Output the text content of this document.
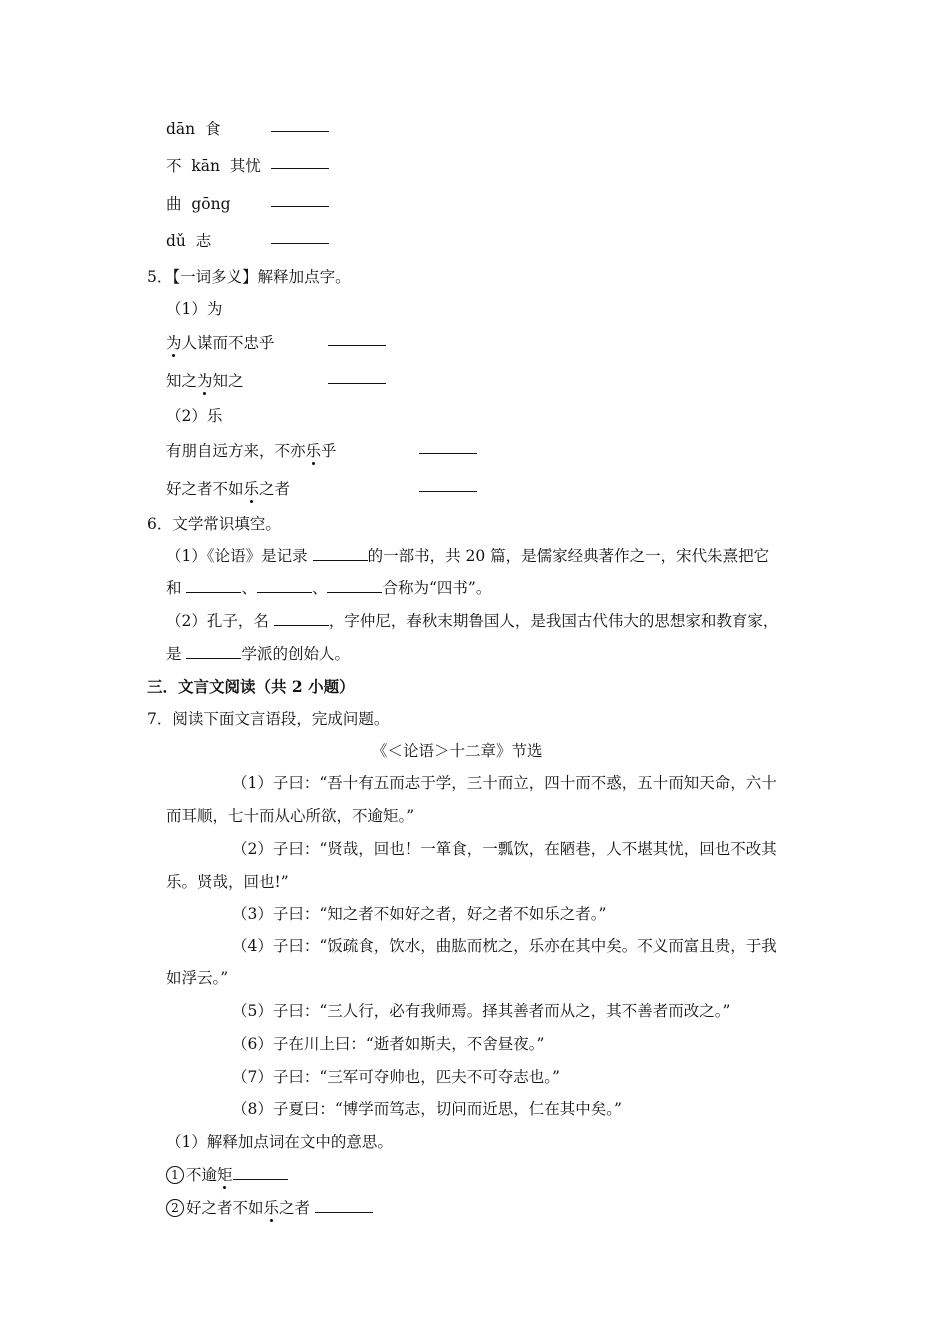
dān 食
不 kān 其忧
曲 gōng
dǔ 志
5．【一词多义】解释加点字。
（1）为
为人谋而不忠乎
知之为知之
（2）乐
有朋自远方来，不亦乐乎
好之者不如乐之者
6．文学常识填空。
（1）《论语》是记录	的一部书，共 20 篇，是儒家经典著作之一，宋代朱熹把它
和	、	、	合称为“四书”。
（2）孔子，名	，字仲尼，春秋末期鲁国人，是我国古代伟大的思想家和教育家，
是	学派的创始人。
三．文言文阅读（共 2 小题）
7．阅读下面文言语段，完成问题。
《＜论语＞十二章》节选
（1）子曰：“吾十有五而志于学，三十而立，四十而不惑，五十而知天命，六十
而耳顺，七十而从心所欲，不逾矩。”
（2）子曰：“贤哉，回也！一箪食，一瓢饮，在陋巷，人不堪其忧，回也不改其
乐。贤哉，回也!”
（3）子曰：“知之者不如好之者，好之者不如乐之者。”
（4）子曰：“饭疏食，饮水，曲肱而枕之，乐亦在其中矣。不义而富且贵，于我
如浮云。”
（5）子曰：“三人行，必有我师焉。择其善者而从之，其不善者而改之。”
（6）子在川上曰：“逝者如斯夫，不舍昼夜。”
（7）子曰：“三军可夺帅也，匹夫不可夺志也。”
（8）子夏曰：“博学而笃志，切问而近思，仁在其中矣。”
（1）解释加点词在文中的意思。
1 不逾矩
2 好之者不如乐之者
